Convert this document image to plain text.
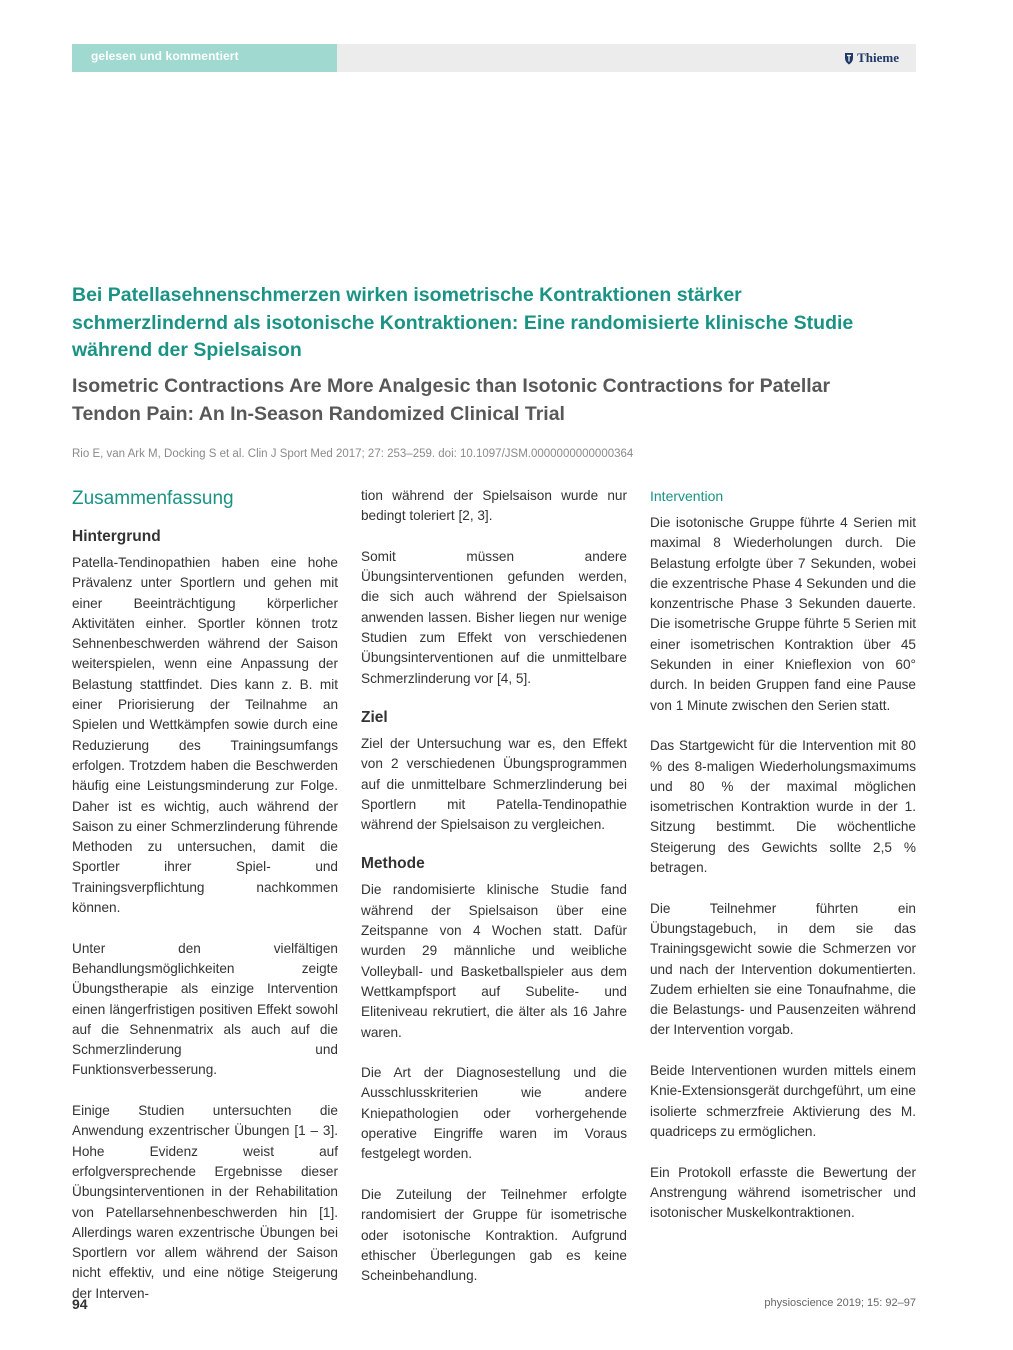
gelesen und kommentiert	Thieme
Bei Patellasehnenschmerzen wirken isometrische Kontraktionen stärker schmerzlindernd als isotonische Kontraktionen: Eine randomisierte klinische Studie während der Spielsaison
Isometric Contractions Are More Analgesic than Isotonic Contractions for Patellar Tendon Pain: An In-Season Randomized Clinical Trial
Rio E, van Ark M, Docking S et al. Clin J Sport Med 2017; 27: 253–259. doi: 10.1097/JSM.0000000000000364
Zusammenfassung
Hintergrund

Patella-Tendinopathien haben eine hohe Prävalenz unter Sportlern und gehen mit einer Beeinträchtigung körperlicher Aktivitäten einher. Sportler können trotz Sehnenbeschwerden während der Saison weiterspielen, wenn eine Anpassung der Belastung stattfindet. Dies kann z. B. mit einer Priorisierung der Teilnahme an Spielen und Wettkämpfen sowie durch eine Reduzierung des Trainingsumfangs erfolgen. Trotzdem haben die Beschwerden häufig eine Leistungsminderung zur Folge. Daher ist es wichtig, auch während der Saison zu einer Schmerzlinderung führende Methoden zu untersuchen, damit die Sportler ihrer Spiel- und Trainingsverpflichtung nachkommen können.

Unter den vielfältigen Behandlungsmöglichkeiten zeigte Übungstherapie als einzige Intervention einen längerfristigen positiven Effekt sowohl auf die Sehnenmatrix als auch auf die Schmerzlinderung und Funktionsverbesserung.

Einige Studien untersuchten die Anwendung exzentrischer Übungen [1 – 3]. Hohe Evidenz weist auf erfolgversprechende Ergebnisse dieser Übungsinterventionen in der Rehabilitation von Patellarsehnenbeschwerden hin [1]. Allerdings waren exzentrische Übungen bei Sportlern vor allem während der Saison nicht effektiv, und eine nötige Steigerung der Interven-

tion während der Spielsaison wurde nur bedingt toleriert [2, 3].

Somit müssen andere Übungsinterventionen gefunden werden, die sich auch während der Spielsaison anwenden lassen. Bisher liegen nur wenige Studien zum Effekt von verschiedenen Übungsinterventionen auf die unmittelbare Schmerzlinderung vor [4, 5].

Ziel

Ziel der Untersuchung war es, den Effekt von 2 verschiedenen Übungsprogrammen auf die unmittelbare Schmerzlinderung bei Sportlern mit Patella-Tendinopathie während der Spielsaison zu vergleichen.

Methode

Die randomisierte klinische Studie fand während der Spielsaison über eine Zeitspanne von 4 Wochen statt. Dafür wurden 29 männliche und weibliche Volleyball- und Basketballspieler aus dem Wettkampfsport auf Subelite- und Eliteniveau rekrutiert, die älter als 16 Jahre waren.

Die Art der Diagnosestellung und die Ausschlusskriterien wie andere Kniepathologien oder vorhergehende operative Eingriffe waren im Voraus festgelegt worden.

Die Zuteilung der Teilnehmer erfolgte randomisiert der Gruppe für isometrische oder isotonische Kontraktion. Aufgrund ethischer Überlegungen gab es keine Scheinbehandlung.

Intervention

Die isotonische Gruppe führte 4 Serien mit maximal 8 Wiederholungen durch. Die Belastung erfolgte über 7 Sekunden, wobei die exzentrische Phase 4 Sekunden und die konzentrische Phase 3 Sekunden dauerte. Die isometrische Gruppe führte 5 Serien mit einer isometrischen Kontraktion über 45 Sekunden in einer Knieflexion von 60° durch. In beiden Gruppen fand eine Pause von 1 Minute zwischen den Serien statt.

Das Startgewicht für die Intervention mit 80 % des 8-maligen Wiederholungsmaximums und 80 % der maximal möglichen isometrischen Kontraktion wurde in der 1. Sitzung bestimmt. Die wöchentliche Steigerung des Gewichts sollte 2,5 % betragen.

Die Teilnehmer führten ein Übungstagebuch, in dem sie das Trainingsgewicht sowie die Schmerzen vor und nach der Intervention dokumentierten. Zudem erhielten sie eine Tonaufnahme, die die Belastungs- und Pausenzeiten während der Intervention vorgab.

Beide Interventionen wurden mittels einem Knie-Extensionsgerät durchgeführt, um eine isolierte schmerzfreie Aktivierung des M. quadriceps zu ermöglichen.

Ein Protokoll erfasste die Bewertung der Anstrengung während isometrischer und isotonischer Muskelkontraktionen.

94	physioscience 2019; 15: 92–97
